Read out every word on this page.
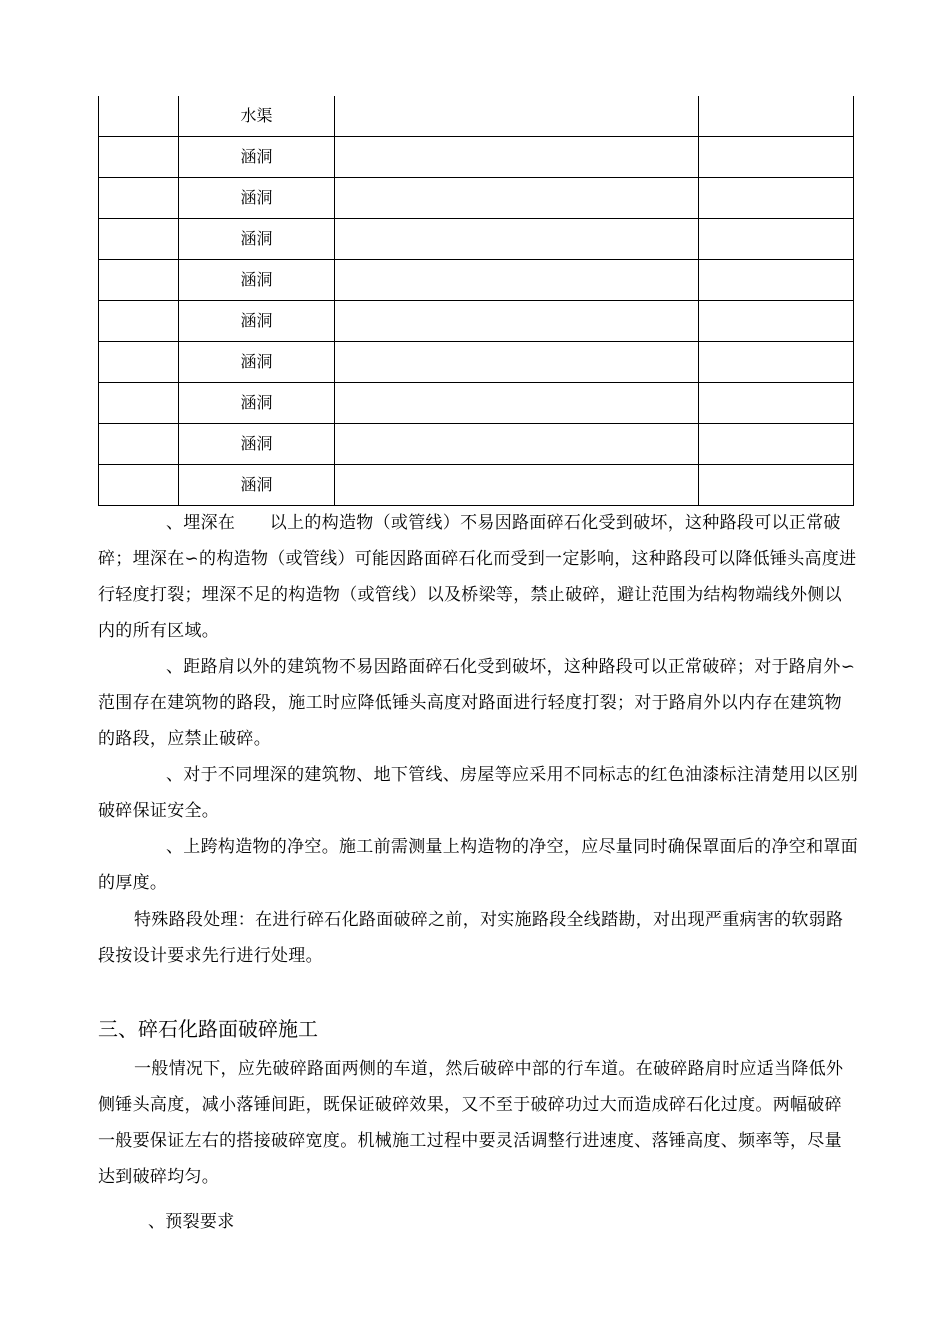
	水渠		
	涵洞		
	涵洞		
	涵洞		
	涵洞		
	涵洞		
	涵洞		
	涵洞		
	涵洞		
	涵洞		

、埋深在　　以上的构造物（或管线）不易因路面碎石化受到破坏，这种路段可以正常破碎；埋深在∽的构造物（或管线）可能因路面碎石化而受到一定影响，这种路段可以降低锤头高度进行轻度打裂；埋深不足的构造物（或管线）以及桥梁等，禁止破碎，避让范围为结构物端线外侧以内的所有区域。

、距路肩以外的建筑物不易因路面碎石化受到破坏，这种路段可以正常破碎；对于路肩外∽范围存在建筑物的路段，施工时应降低锤头高度对路面进行轻度打裂；对于路肩外以内存在建筑物的路段，应禁止破碎。

、对于不同埋深的建筑物、地下管线、房屋等应采用不同标志的红色油漆标注清楚用以区别破碎保证安全。

、上跨构造物的净空。施工前需测量上构造物的净空，应尽量同时确保罩面后的净空和罩面的厚度。

特殊路段处理：在进行碎石化路面破碎之前，对实施路段全线踏勘，对出现严重病害的软弱路段按设计要求先行进行处理。

三、碎石化路面破碎施工

一般情况下，应先破碎路面两侧的车道，然后破碎中部的行车道。在破碎路肩时应适当降低外侧锤头高度，减小落锤间距，既保证破碎效果，又不至于破碎功过大而造成碎石化过度。两幅破碎一般要保证左右的搭接破碎宽度。机械施工过程中要灵活调整行进速度、落锤高度、频率等，尽量达到破碎均匀。

、预裂要求
